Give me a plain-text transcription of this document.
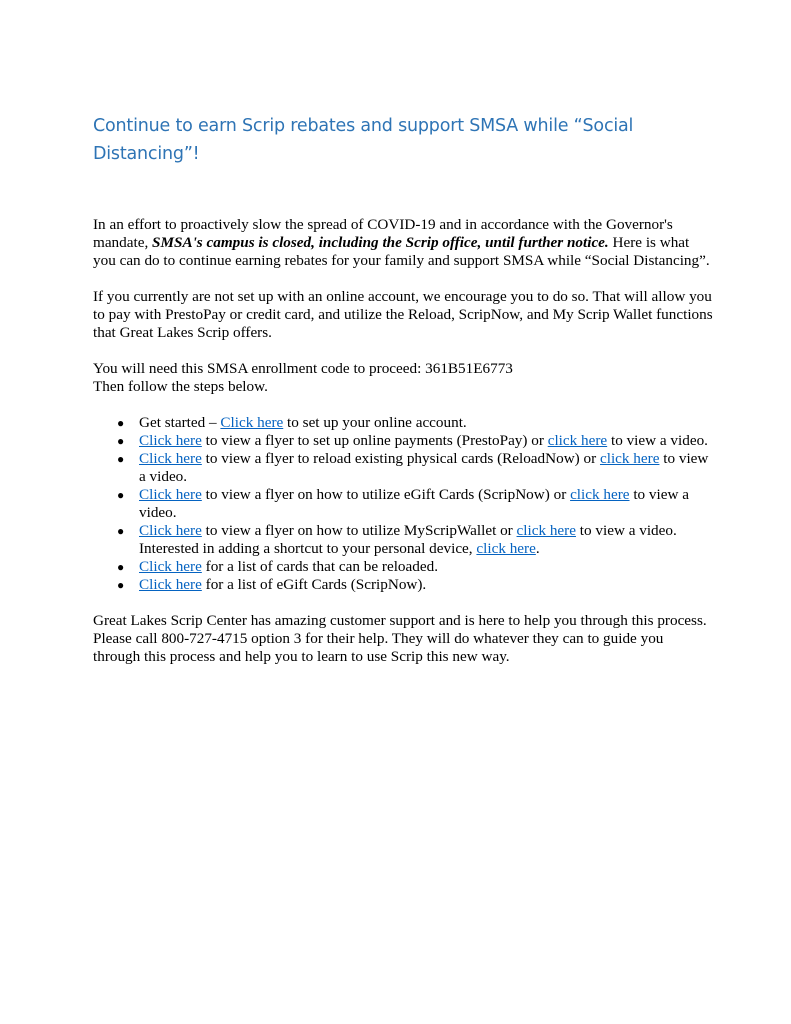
Continue to earn Scrip rebates and support SMSA while “Social Distancing”!

In an effort to proactively slow the spread of COVID-19 and in accordance with the Governor's mandate, SMSA's campus is closed, including the Scrip office, until further notice. Here is what you can do to continue earning rebates for your family and support SMSA while “Social Distancing”.

If you currently are not set up with an online account, we encourage you to do so. That will allow you to pay with PrestoPay or credit card, and utilize the Reload, ScripNow, and My Scrip Wallet functions that Great Lakes Scrip offers.

You will need this SMSA enrollment code to proceed: 361B51E6773
Then follow the steps below.

● Get started – Click here to set up your online account.
● Click here to view a flyer to set up online payments (PrestoPay) or click here to view a video.
● Click here to view a flyer to reload existing physical cards (ReloadNow) or click here to view a video.
● Click here to view a flyer on how to utilize eGift Cards (ScripNow) or click here to view a video.
● Click here to view a flyer on how to utilize MyScripWallet or click here to view a video. Interested in adding a shortcut to your personal device, click here.
● Click here for a list of cards that can be reloaded.
● Click here for a list of eGift Cards (ScripNow).

Great Lakes Scrip Center has amazing customer support and is here to help you through this process. Please call 800-727-4715 option 3 for their help. They will do whatever they can to guide you through this process and help you to learn to use Scrip this new way.
